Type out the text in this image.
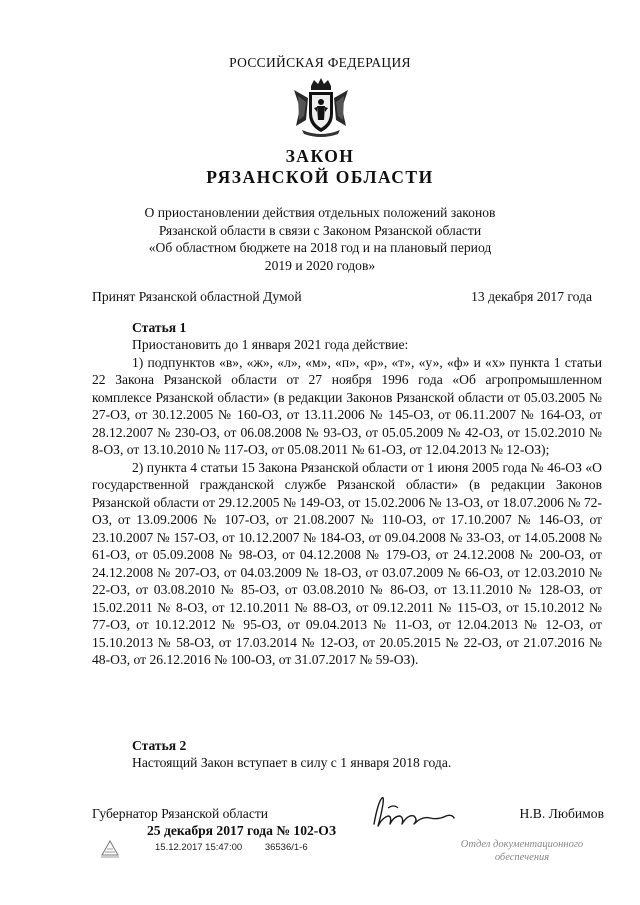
РОССИЙСКАЯ ФЕДЕРАЦИЯ
ЗАКОН
РЯЗАНСКОЙ ОБЛАСТИ
О приостановлении действия отдельных положений законов
Рязанской области в связи с Законом Рязанской области
«Об областном бюджете на 2018 год и на плановый период
2019 и 2020 годов»
Принят Рязанской областной Думой	13 декабря 2017 года
Статья 1

Приостановить до 1 января 2021 года действие:

1) подпунктов «в», «ж», «л», «м», «п», «р», «т», «у», «ф» и «х» пункта 1 статьи 22 Закона Рязанской области от 27 ноября 1996 года «Об агропромышленном комплексе Рязанской области» (в редакции Законов Рязанской области от 05.03.2005 № 27-ОЗ, от 30.12.2005 № 160-ОЗ, от 13.11.2006 № 145-ОЗ, от 06.11.2007 № 164-ОЗ, от 28.12.2007 № 230-ОЗ, от 06.08.2008 № 93-ОЗ, от 05.05.2009 № 42-ОЗ, от 15.02.2010 № 8-ОЗ, от 13.10.2010 № 117-ОЗ, от 05.08.2011 № 61-ОЗ, от 12.04.2013 № 12-ОЗ);

2) пункта 4 статьи 15 Закона Рязанской области от 1 июня 2005 года № 46-ОЗ «О государственной гражданской службе Рязанской области» (в редакции Законов Рязанской области от 29.12.2005 № 149-ОЗ, от 15.02.2006 № 13-ОЗ, от 18.07.2006 № 72-ОЗ, от 13.09.2006 № 107-ОЗ, от 21.08.2007 № 110-ОЗ, от 17.10.2007 № 146-ОЗ, от 23.10.2007 № 157-ОЗ, от 10.12.2007 № 184-ОЗ, от 09.04.2008 № 33-ОЗ, от 14.05.2008 № 61-ОЗ, от 05.09.2008 № 98-ОЗ, от 04.12.2008 № 179-ОЗ, от 24.12.2008 № 200-ОЗ, от 24.12.2008 № 207-ОЗ, от 04.03.2009 № 18-ОЗ, от 03.07.2009 № 66-ОЗ, от 12.03.2010 № 22-ОЗ, от 03.08.2010 № 85-ОЗ, от 03.08.2010 № 86-ОЗ, от 13.11.2010 № 128-ОЗ, от 15.02.2011 № 8-ОЗ, от 12.10.2011 № 88-ОЗ, от 09.12.2011 № 115-ОЗ, от 15.10.2012 № 77-ОЗ, от 10.12.2012 № 95-ОЗ, от 09.04.2013 № 11-ОЗ, от 12.04.2013 № 12-ОЗ, от 15.10.2013 № 58-ОЗ, от 17.03.2014 № 12-ОЗ, от 20.05.2015 № 22-ОЗ, от 21.07.2016 № 48-ОЗ, от 26.12.2016 № 100-ОЗ, от 31.07.2017 № 59-ОЗ).

Статья 2

Настоящий Закон вступает в силу с 1 января 2018 года.

Губернатор Рязанской области	Н.В. Любимов
25 декабря 2017 года № 102-ОЗ
15.12.2017 15:47:00 36536/1-6	Отдел документационного
обеспечения
